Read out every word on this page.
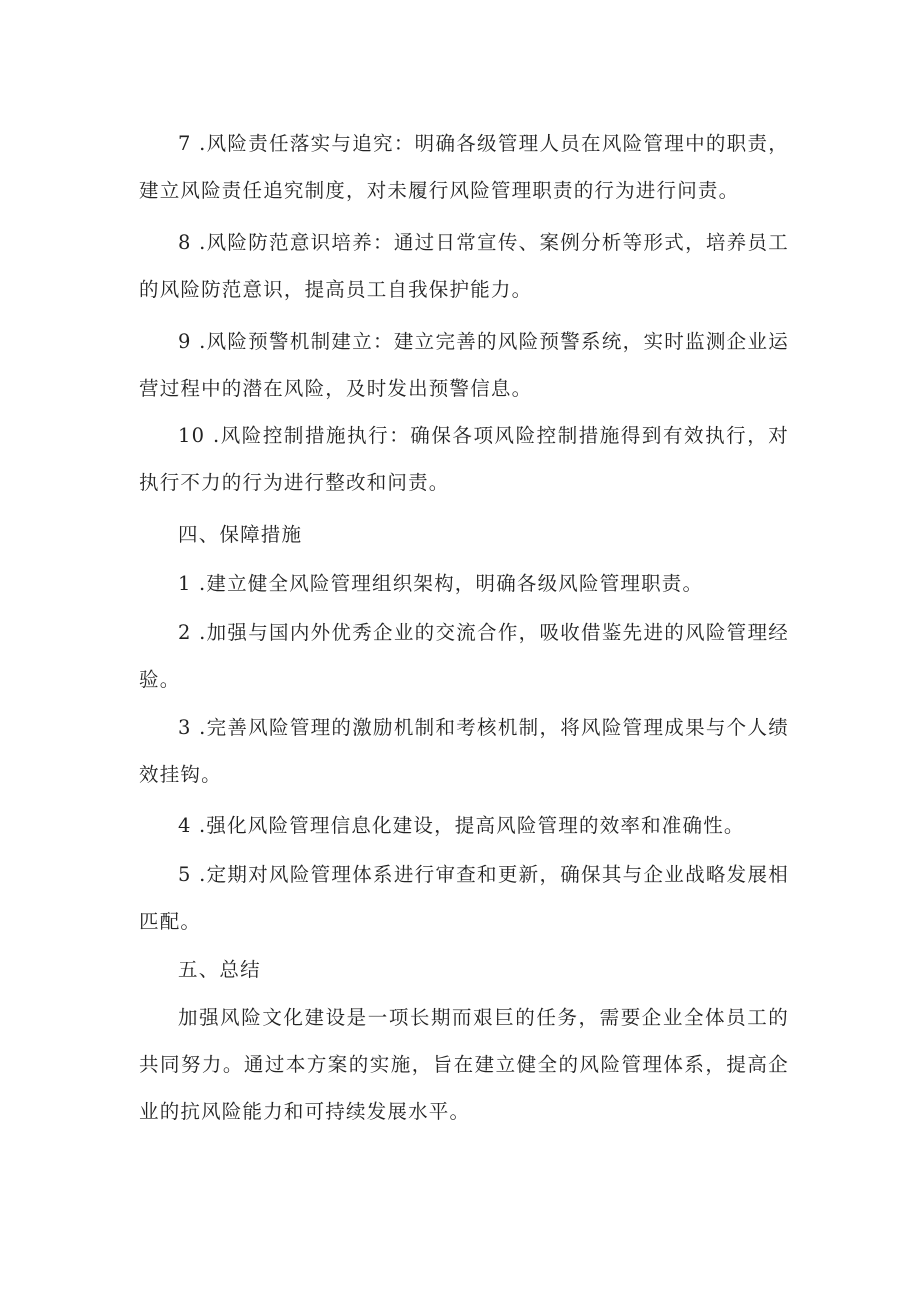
7 .风险责任落实与追究：明确各级管理人员在风险管理中的职责，建立风险责任追究制度，对未履行风险管理职责的行为进行问责。

8 .风险防范意识培养：通过日常宣传、案例分析等形式，培养员工的风险防范意识，提高员工自我保护能力。

9 .风险预警机制建立：建立完善的风险预警系统，实时监测企业运营过程中的潜在风险，及时发出预警信息。

10 .风险控制措施执行：确保各项风险控制措施得到有效执行，对执行不力的行为进行整改和问责。

四、保障措施

1 .建立健全风险管理组织架构，明确各级风险管理职责。

2 .加强与国内外优秀企业的交流合作，吸收借鉴先进的风险管理经验。

3 .完善风险管理的激励机制和考核机制，将风险管理成果与个人绩效挂钩。

4 .强化风险管理信息化建设，提高风险管理的效率和准确性。

5 .定期对风险管理体系进行审查和更新，确保其与企业战略发展相匹配。

五、总结

加强风险文化建设是一项长期而艰巨的任务，需要企业全体员工的共同努力。通过本方案的实施，旨在建立健全的风险管理体系，提高企业的抗风险能力和可持续发展水平。
